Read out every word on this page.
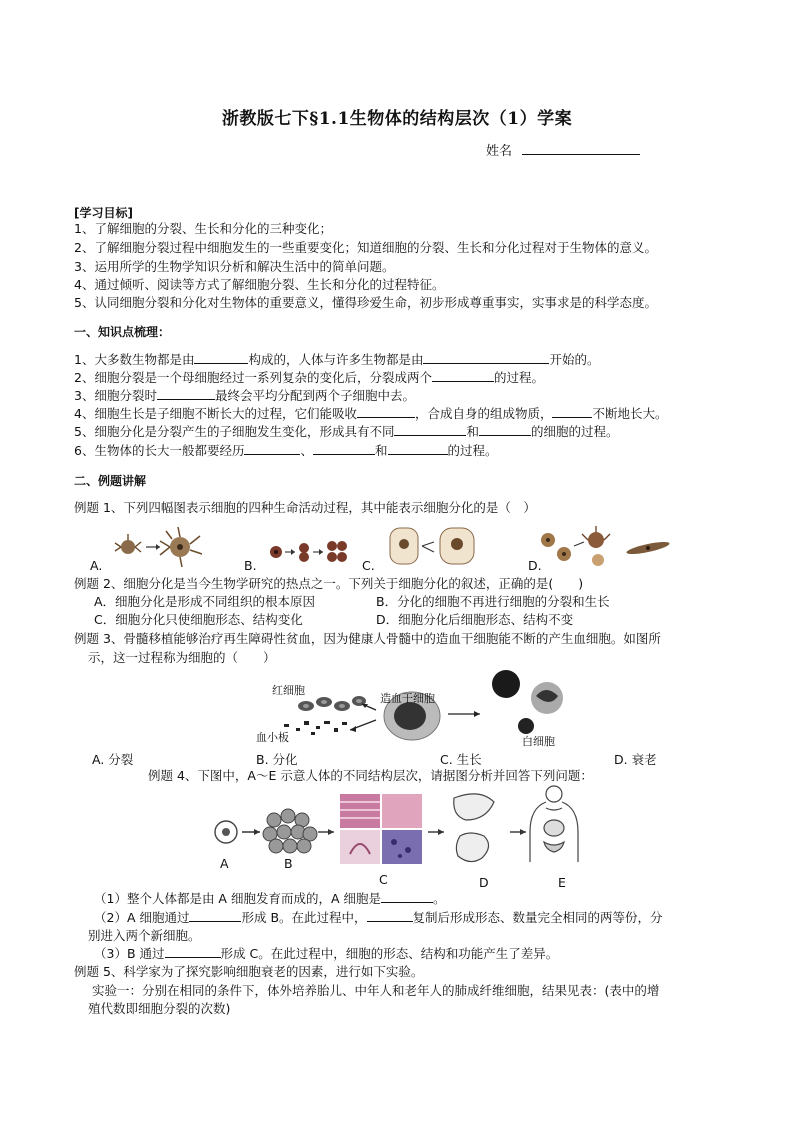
浙教版七下§1.1生物体的结构层次（1）学案
姓名
[学习目标]
1、了解细胞的分裂、生长和分化的三种变化；
2、了解细胞分裂过程中细胞发生的一些重要变化；知道细胞的分裂、生长和分化过程对于生物体的意义。
3、运用所学的生物学知识分析和解决生活中的简单问题。
4、通过倾听、阅读等方式了解细胞分裂、生长和分化的过程特征。
5、认同细胞分裂和分化对生物体的重要意义，懂得珍爱生命，初步形成尊重事实，实事求是的科学态度。
一、知识点梳理：
1、大多数生物都是由	构成的，人体与许多生物都是由	开始的。
2、细胞分裂是一个母细胞经过一系列复杂的变化后，分裂成两个	的过程。
3、细胞分裂时	最终会平均分配到两个子细胞中去。
4、细胞生长是子细胞不断长大的过程，它们能吸收	，合成自身的组成物质，	不断地长大。
5、细胞分化是分裂产生的子细胞发生变化，形成具有不同	和	的细胞的过程。
6、生物体的长大一般都要经历	、	和	的过程。
二、例题讲解
例题 1、下列四幅图表示细胞的四种生命活动过程，其中能表示细胞分化的是（　）
A.	B.	C.	D.
例题 2、细胞分化是当今生物学研究的热点之一。下列关于细胞分化的叙述，正确的是(　　)
A．细胞分化是形成不同组织的根本原因	B．分化的细胞不再进行细胞的分裂和生长
C．细胞分化只使细胞形态、结构变化	D．细胞分化后细胞形态、结构不变
例题 3、骨髓移植能够治疗再生障碍性贫血，因为健康人骨髓中的造血干细胞能不断的产生血细胞。如图所
示，这一过程称为细胞的（　　）
红细胞
造血干细胞
血小板	白细胞
A. 分裂	B. 分化	C. 生长	D. 衰老
例题 4、下图中，A～E 示意人体的不同结构层次，请据图分析并回答下列问题：
A	B
C	D	E
（1）整个人体都是由 A 细胞发育而成的，A 细胞是	。
（2）A 细胞通过	形成 B。在此过程中，	复制后形成形态、数量完全相同的两等份，分
别进入两个新细胞。
（3）B 通过	形成 C。在此过程中，细胞的形态、结构和功能产生了差异。
例题 5、科学家为了探究影响细胞衰老的因素，进行如下实验。
实验一：分别在相同的条件下，体外培养胎儿、中年人和老年人的肺成纤维细胞，结果见表：(表中的增
殖代数即细胞分裂的次数)
